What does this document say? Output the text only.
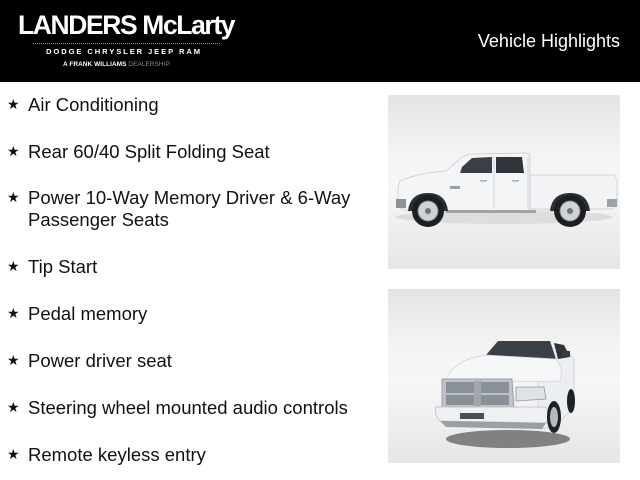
LANDERS McLarty
DODGE CHRYSLER JEEP RAM
A FRANK WILLIAMS DEALERSHIP
Vehicle Highlights
★ Air Conditioning
★ Rear 60/40 Split Folding Seat
★ Power 10-Way Memory Driver & 6-Way Passenger Seats
★ Tip Start
★ Pedal memory
★ Power driver seat
★ Steering wheel mounted audio controls
★ Remote keyless entry
